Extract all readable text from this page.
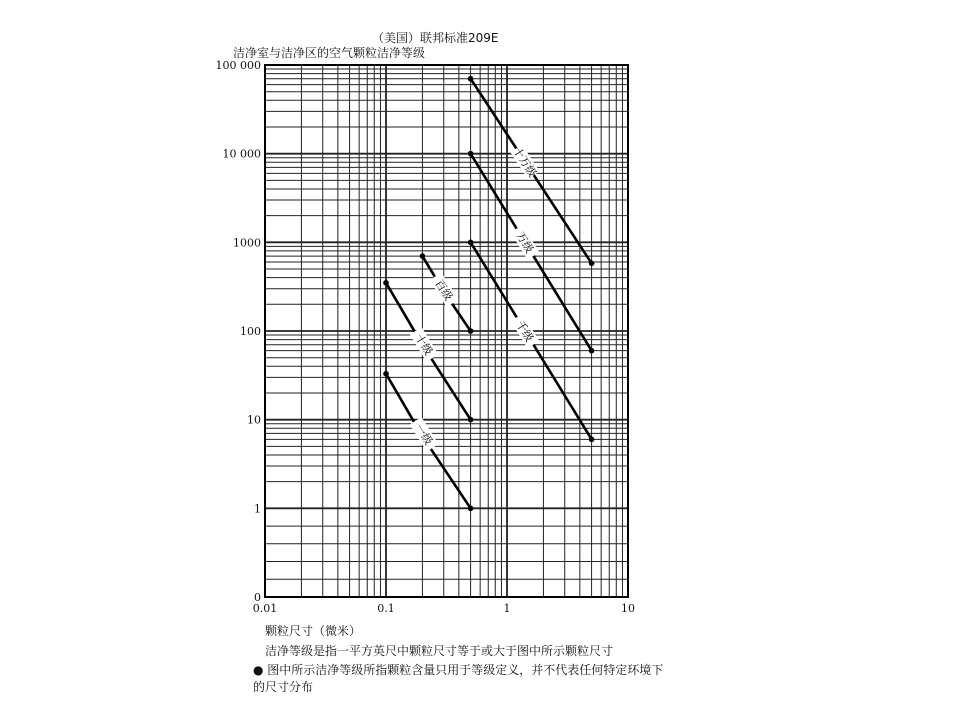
（美国）联邦标准209E
洁净室与洁净区的空气颗粒洁净等级
0
1
10
100
1000
10 000
100 000
0.01	0.1	1	10
十万级
万级
千级
百级
十级
一级
颗粒尺寸（微米）
洁净等级是指一平方英尺中颗粒尺寸等于或大于图中所示颗粒尺寸
● 图中所示洁净等级所指颗粒含量只用于等级定义，并不代表任何特定环境下的尺寸分布
